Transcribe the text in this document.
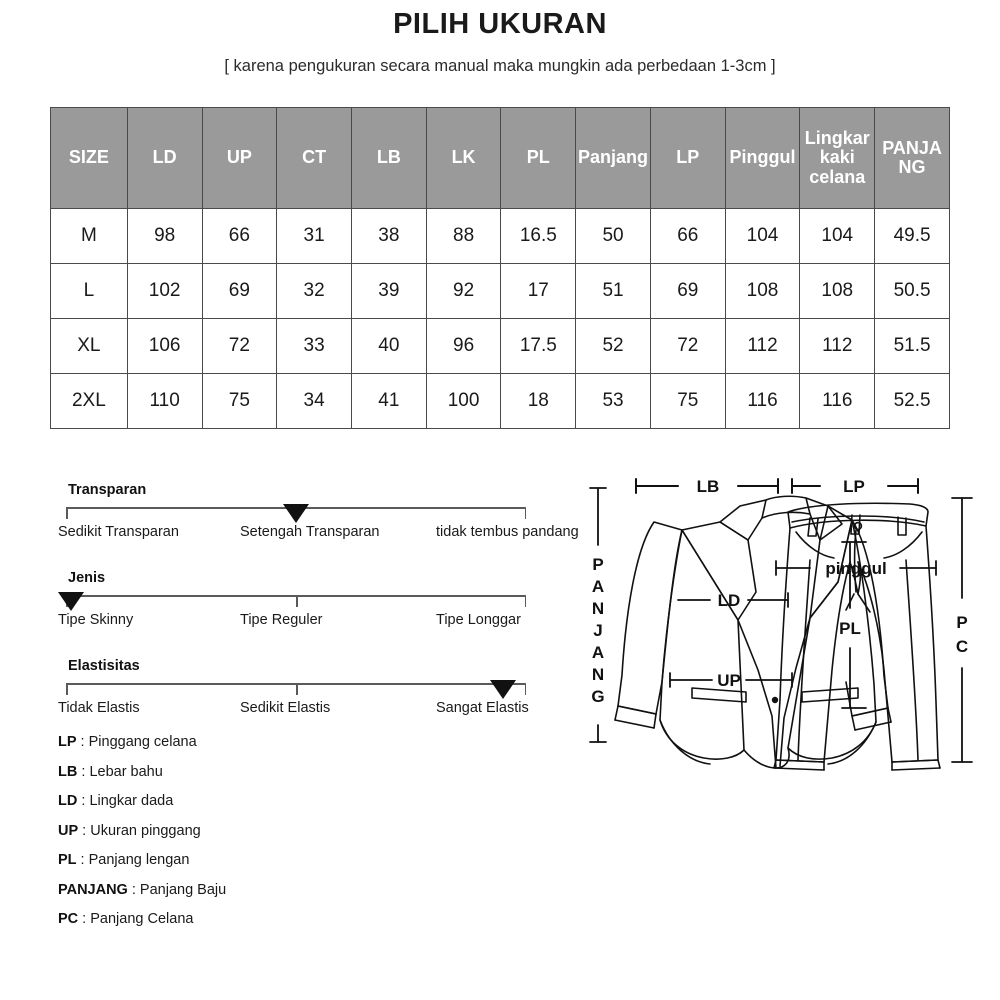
PILIH UKURAN

[ karena pengukuran secara manual maka mungkin ada perbedaan 1-3cm ]

SIZE	LD	UP	CT	LB	LK	PL	Panjang	LP	Pinggul	Lingkar kaki celana	PANJANG
M	98	66	31	38	88	16.5	50	66	104	104	49.5
L	102	69	32	39	92	17	51	69	108	108	50.5
XL	106	72	33	40	96	17.5	52	72	112	112	51.5
2XL	110	75	34	41	100	18	53	75	116	116	52.5
Transparan
Sedikit Transparan	Setengah Transparan	tidak tembus pandang
Jenis
Tipe Skinny	Tipe Reguler	Tipe Longgar
Elastisitas
Tidak Elastis	Sedikit Elastis	Sangat Elastis
LP : Pinggang celana
LB : Lebar bahu
LD : Lingkar dada
UP : Ukuran pinggang
PL : Panjang lengan
PANJANG : Panjang Baju
PC : Panjang Celana
P
A
N
J
A
N
G
LB
LD
PL
UP
LP
pinggul
P
C
